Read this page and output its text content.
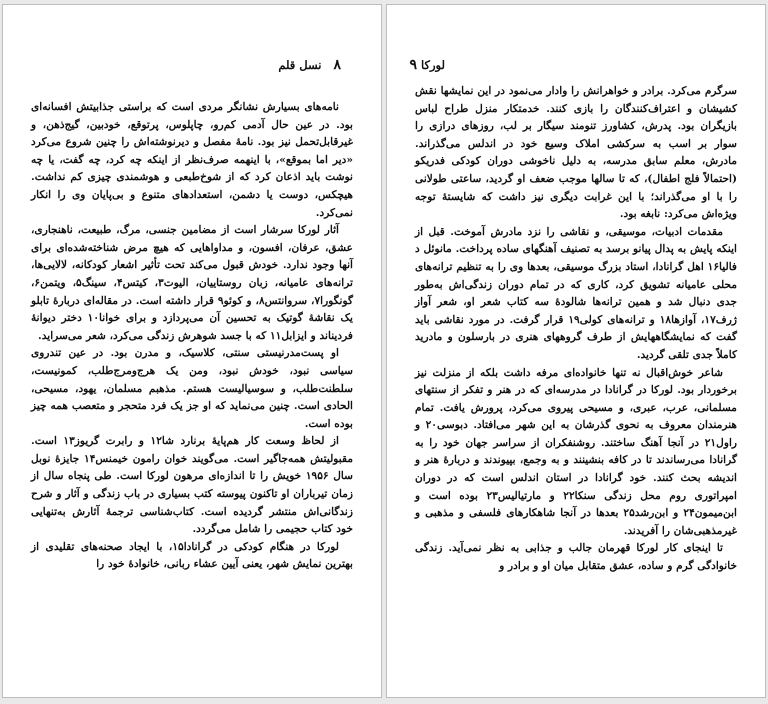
۸ نسل قلم

نامه‌های بسیارش نشانگر مردی است که براستی جذابیتش افسانه‌ای بود. در عین حال آدمی کم‌رو، چاپلوس، پرتوقع، خودبین، گیج‌ذهن، و غیرقابل‌تحمل نیز بود. نامهٔ مفصل و دیرنوشته‌اش را چنین شروع می‌کرد «دیر اما بموقع»، با اینهمه صرف‌نظر از اینکه چه کرد، چه گفت، یا چه نوشت باید اذعان کرد که از شوخ‌طبعی و هوشمندی چیزی کم نداشت. هیچکس، دوست یا دشمن، استعدادهای متنوع و بی‌پایان وی را انکار نمی‌کرد.

آثار لورکا سرشار است از مضامین جنسی، مرگ، طبیعت، ناهنجاری، عشق، عرفان، افسون، و مداواهایی که هیچ مرض شناخته‌شده‌ای برای آنها وجود ندارد. خودش قبول می‌کند تحت تأثیر اشعار کودکانه، لالایی‌ها، ترانه‌های عامیانه، زبان روستاییان، الیوت۳، کیتس۴، سینگ۵، ویتمن۶، گونگورا۷، سروانتس۸، و کوئو۹ قرار داشته است. در مقاله‌ای دربارهٔ تابلو یک نقاشهٔ گوتیک به تحسین آن می‌پردازد و برای خوانا۱۰ دختر دیوانهٔ فردیناند و ایزابل۱۱ که با جسد شوهرش زندگی می‌کرد، شعر می‌سراید.

او پست‌مدرنیستی سنتی، کلاسیک، و مدرن بود. در عین تندروی سیاسی نبود، خودش نبود، ومن یک هرج‌ومرج‌طلب، کمونیست، سلطنت‌طلب، و سوسیالیست هستم. مذهبم مسلمان، یهود، مسیحی، الحادی است. چنین می‌نماید که او جز یک فرد متحجر و متعصب همه چیز بوده است.

از لحاظ وسعت کار هم‌پایهٔ برنارد شا۱۲ و رابرت گریوز۱۳ است. مقبولیتش همه‌جاگیر است. می‌گویند خوان رامون خیمنس۱۴ جایزهٔ نوبل سال ۱۹۵۶ خویش را تا اندازه‌ای مرهون لورکا است. طی پنجاه سال از زمان تیرباران او تاکنون پیوسته کتب بسیاری در باب زندگی و آثار و شرح زندگانی‌اش منتشر گردیده است. کتاب‌شناسی ترجمهٔ آثارش به‌تنهایی خود کتاب حجیمی را شامل می‌گردد.

لورکا در هنگام کودکی در گرانادا۱۵، با ایجاد صحنه‌های تقلیدی از بهترین نمایش شهر، یعنی آیین عشاء ربانی، خانوادهٔ خود را

لورکا ۹

سرگرم می‌کرد. برادر و خواهرانش را وادار می‌نمود در این نمایشها نقش کشیشان و اعتراف‌کنندگان را بازی کنند. خدمتکار منزل طراح لباس بازیگران بود. پدرش، کشاورز تنومند سیگار بر لب، روزهای درازی را سوار بر اسب به سرکشی املاک وسیع خود در اندلس می‌گذراند. مادرش، معلم سابق مدرسه، به دلیل ناخوشی دوران کودکی فدریکو (احتمالاً فلج اطفال)، که تا سالها موجب ضعف او گردید، ساعتی طولانی را با او می‌گذراند؛ با این غرابت دیگری نیز داشت که شایستهٔ توجه ویژه‌اش می‌کرد: نابغه بود.

مقدمات ادبیات، موسیقی، و نقاشی را نزد مادرش آموخت. قبل از اینکه پایش به پدال پیانو برسد به تصنیف آهنگهای ساده پرداخت. مانوئل د فالیا۱۶ اهل گرانادا، استاد بزرگ موسیقی، بعدها وی را به تنظیم ترانه‌های محلی عامیانه تشویق کرد، کاری که در تمام دوران زندگی‌اش به‌طور جدی دنبال شد و همین ترانه‌ها شالودهٔ سه کتاب شعر او، شعر آواز ژرف۱۷، آوازها۱۸ و ترانه‌های کولی۱۹ قرار گرفت. در مورد نقاشی باید گفت که نمایشگاههایش از طرف گروههای هنری در بارسلون و مادرید کاملاً جدی تلقی گردید.

شاعر خوش‌اقبال نه تنها خانواده‌ای مرفه داشت بلکه از منزلت نیز برخوردار بود. لورکا در گرانادا در مدرسه‌ای که در هنر و تفکر از سنتهای مسلمانی، عرب، عبری، و مسیحی پیروی می‌کرد، پرورش یافت. تمام هنرمندان معروف به نحوی گذرشان به این شهر می‌افتاد. دبوسی۲۰ و راول۲۱ در آنجا آهنگ ساختند. روشنفکران از سراسر جهان خود را به گرانادا می‌رساندند تا در کافه بنشینند و به وجمع، بپیوندند و دربارهٔ هنر و اندیشه بحث کنند. خود گرانادا در استان اندلس است که در دوران امپراتوری روم محل زندگی سنکا۲۲ و مارتیالیس۲۳ بوده است و ابن‌میمون۲۴ و ابن‌رشد۲۵ بعدها در آنجا شاهکارهای فلسفی و مذهبی و غیرمذهبی‌شان را آفریدند.

تا اینجای کار لورکا قهرمان جالب و جذابی به نظر نمی‌آید. زندگی خانوادگی گرم و ساده، عشق متقابل میان او و برادر و
